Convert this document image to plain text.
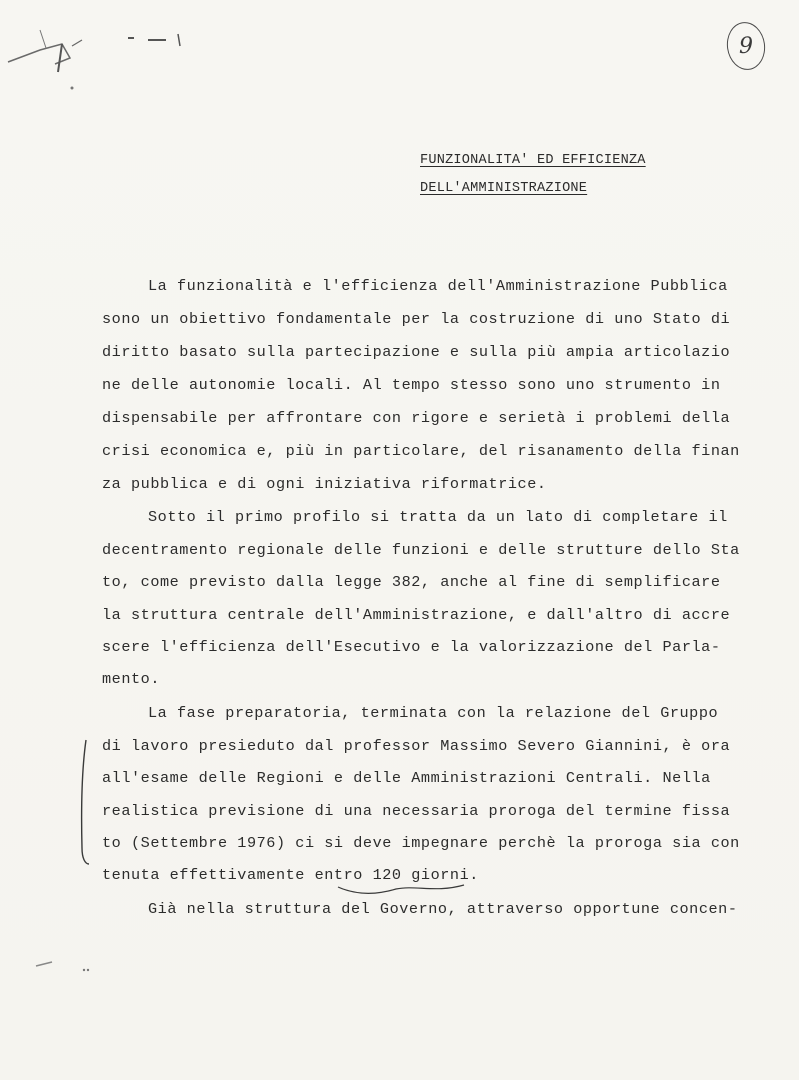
9
FUNZIONALITA' ED EFFICIENZA
DELL'AMMINISTRAZIONE
La funzionalità e l'efficienza dell'Amministrazione Pubblica
sono un obiettivo fondamentale per la costruzione di uno Stato di
diritto basato sulla partecipazione e sulla più ampia articolazio
ne delle autonomie locali. Al tempo stesso sono uno strumento in
dispensabile per affrontare con rigore e serietà i problemi della
crisi economica e, più in particolare, del risanamento della finan
za pubblica e di ogni iniziativa riformatrice.
Sotto il primo profilo si tratta da un lato di completare il
decentramento regionale delle funzioni e delle strutture dello Sta
to, come previsto dalla legge 382, anche al fine di semplificare
la struttura centrale dell'Amministrazione, e dall'altro di accre
scere l'efficienza dell'Esecutivo e la valorizzazione del Parla-
mento.
La fase preparatoria, terminata con la relazione del Gruppo
di lavoro presieduto dal professor Massimo Severo Giannini, è ora
all'esame delle Regioni e delle Amministrazioni Centrali. Nella
realistica previsione di una necessaria proroga del termine fissa
to (Settembre 1976) ci si deve impegnare perchè la proroga sia con
tenuta effettivamente entro 120 giorni.
Già nella struttura del Governo, attraverso opportune concen-
